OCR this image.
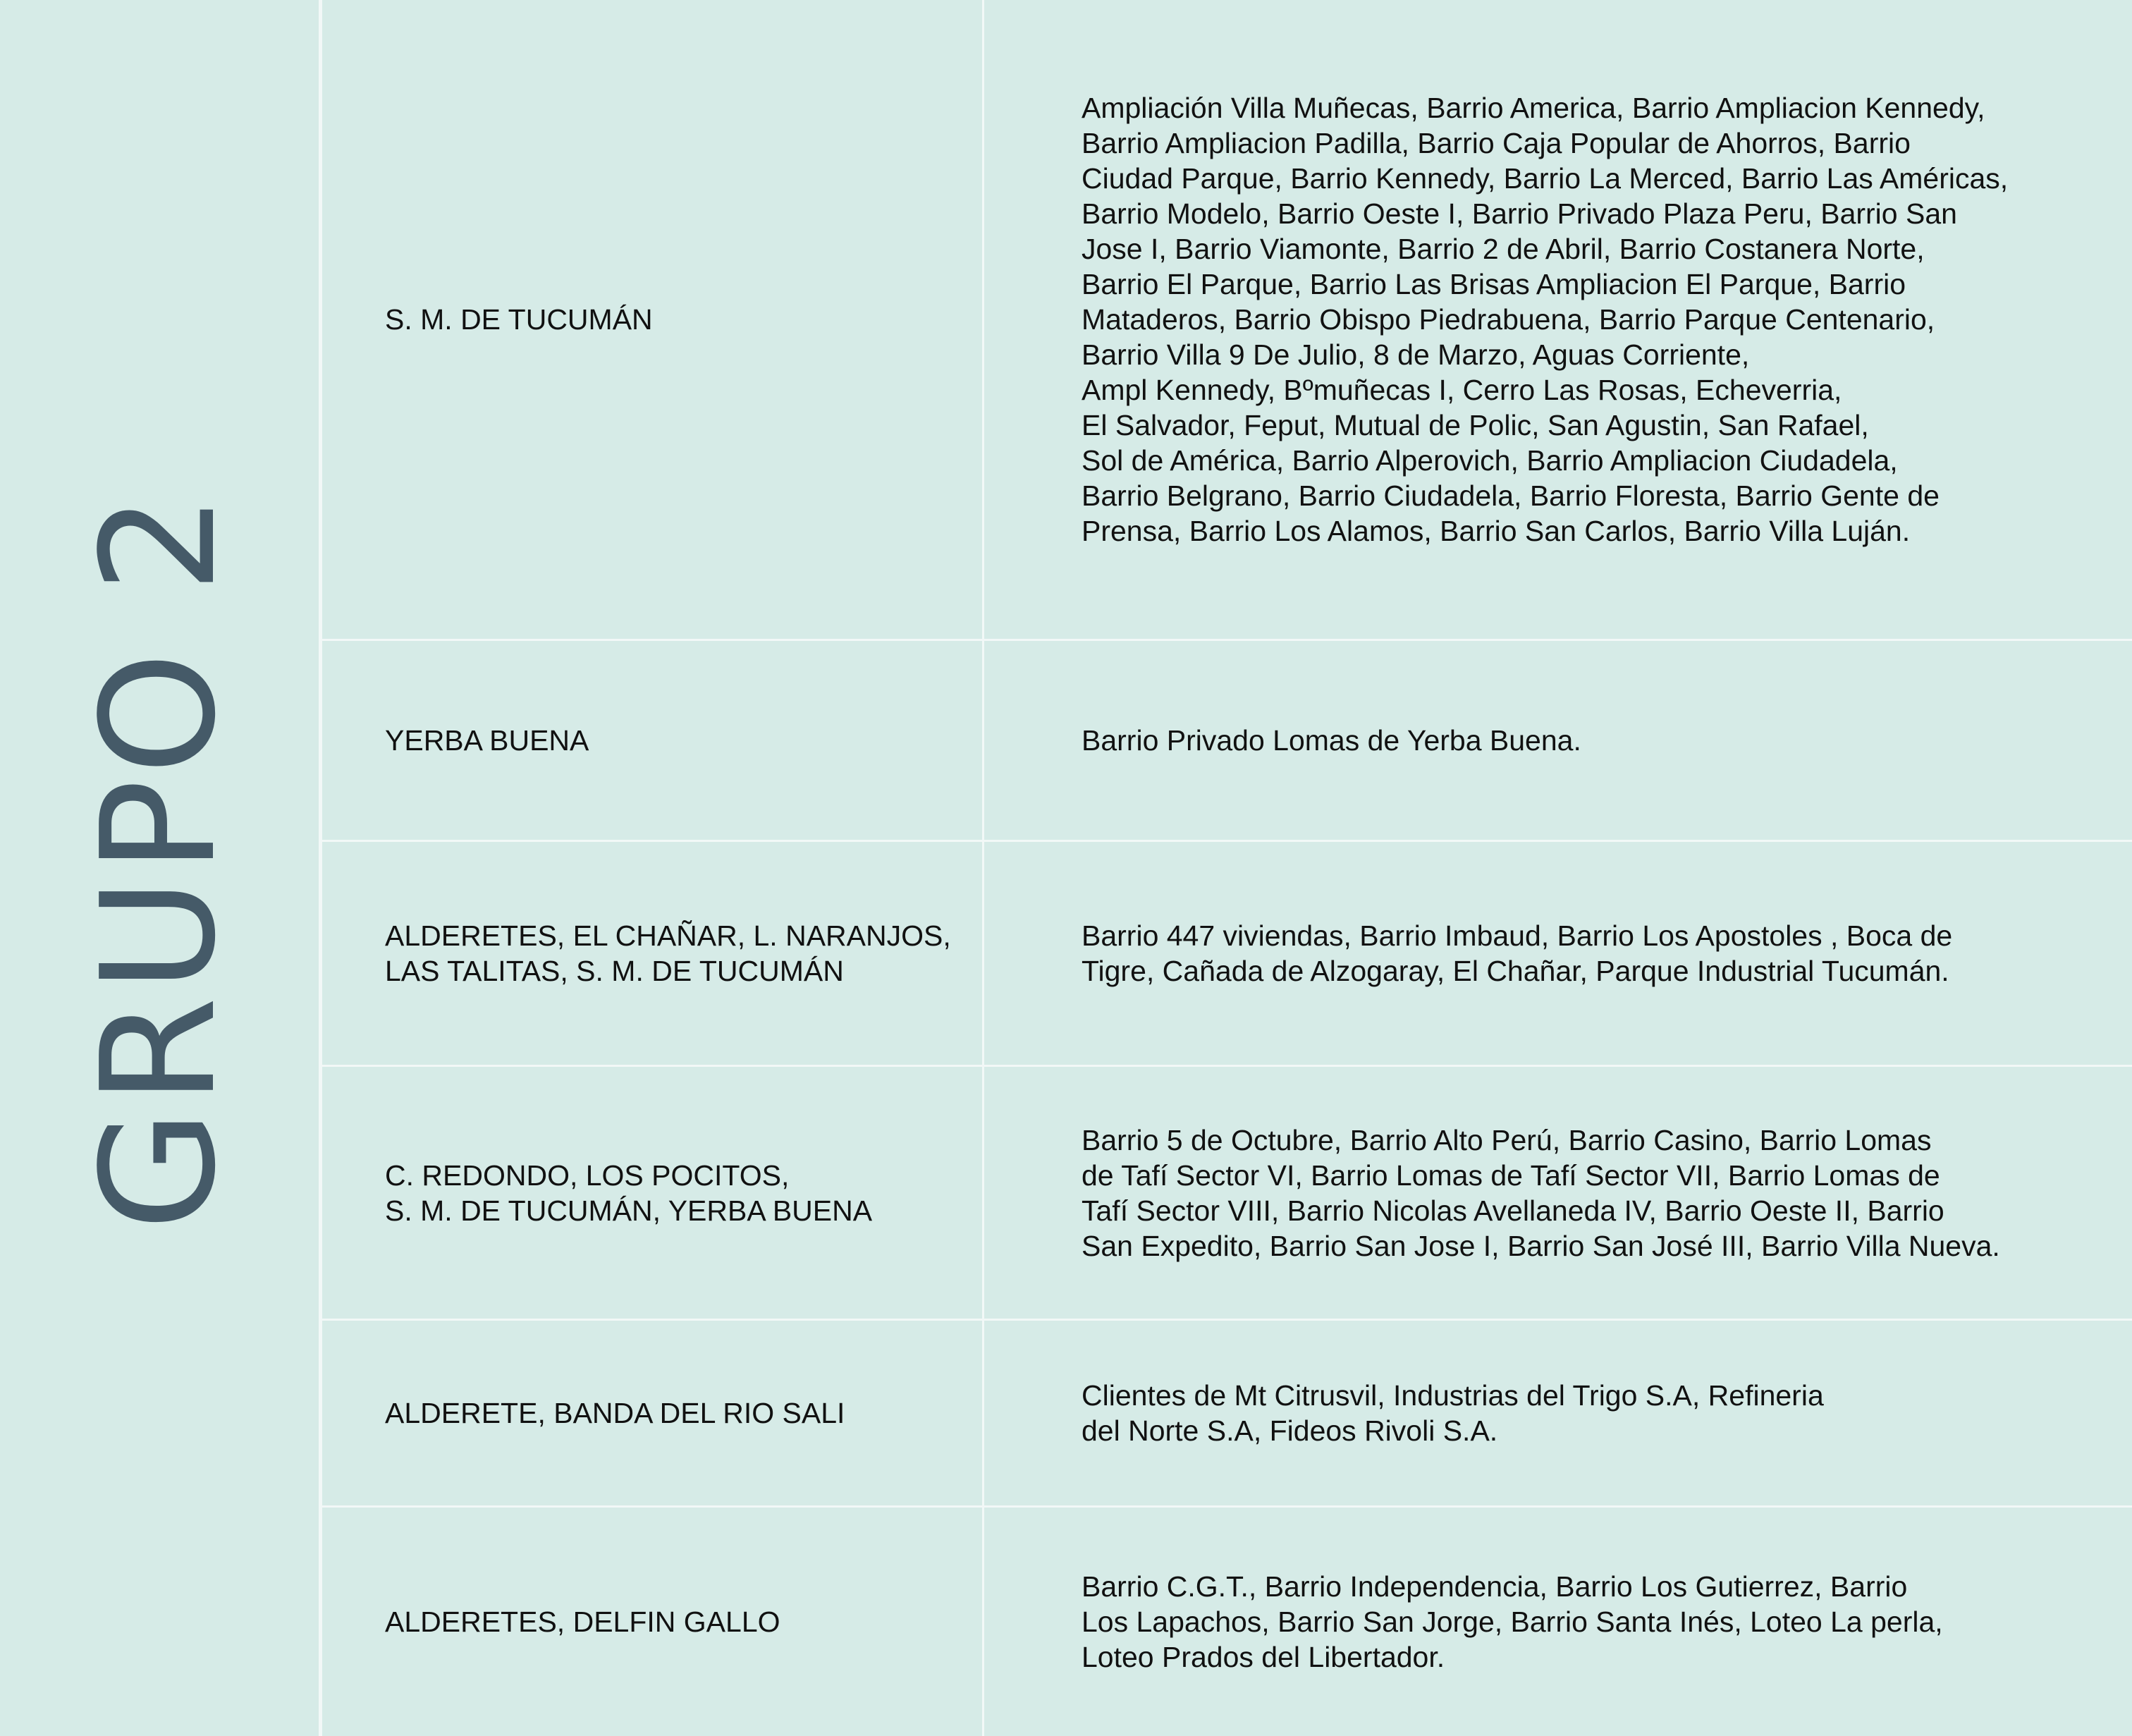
GRUPO 2
S. M. DE TUCUMÁN
Ampliación Villa Muñecas, Barrio America, Barrio Ampliacion Kennedy,
Barrio Ampliacion Padilla, Barrio Caja Popular de Ahorros, Barrio
Ciudad Parque, Barrio Kennedy, Barrio La Merced, Barrio Las Américas,
Barrio Modelo, Barrio Oeste I, Barrio Privado Plaza Peru, Barrio San
Jose I, Barrio Viamonte, Barrio 2 de Abril, Barrio Costanera Norte,
Barrio El Parque, Barrio Las Brisas Ampliacion El Parque, Barrio
Mataderos, Barrio Obispo Piedrabuena, Barrio Parque Centenario,
Barrio Villa 9 De Julio, 8 de Marzo, Aguas Corriente,
Ampl Kennedy, Bºmuñecas I, Cerro Las Rosas, Echeverria,
El Salvador, Feput, Mutual de Polic, San Agustin, San Rafael,
Sol de América, Barrio Alperovich, Barrio Ampliacion Ciudadela,
Barrio Belgrano, Barrio Ciudadela, Barrio Floresta, Barrio Gente de
Prensa, Barrio Los Alamos, Barrio San Carlos, Barrio Villa Luján.
YERBA BUENA	Barrio Privado Lomas de Yerba Buena.
ALDERETES, EL CHAÑAR, L. NARANJOS,
LAS TALITAS, S. M. DE TUCUMÁN
Barrio 447 viviendas, Barrio Imbaud, Barrio Los Apostoles , Boca de
Tigre, Cañada de Alzogaray, El Chañar, Parque Industrial Tucumán.
C. REDONDO, LOS POCITOS,
S. M. DE TUCUMÁN, YERBA BUENA
Barrio 5 de Octubre, Barrio Alto Perú, Barrio Casino, Barrio Lomas
de Tafí Sector VI, Barrio Lomas de Tafí Sector VII, Barrio Lomas de
Tafí Sector VIII, Barrio Nicolas Avellaneda IV, Barrio Oeste II, Barrio
San Expedito, Barrio San Jose I, Barrio San José III, Barrio Villa Nueva.
ALDERETE, BANDA DEL RIO SALI
Clientes de Mt Citrusvil, Industrias del Trigo S.A, Refineria
del Norte S.A, Fideos Rivoli S.A.
ALDERETES, DELFIN GALLO
Barrio C.G.T., Barrio Independencia, Barrio Los Gutierrez, Barrio
Los Lapachos, Barrio San Jorge, Barrio Santa Inés, Loteo La perla,
Loteo Prados del Libertador.
